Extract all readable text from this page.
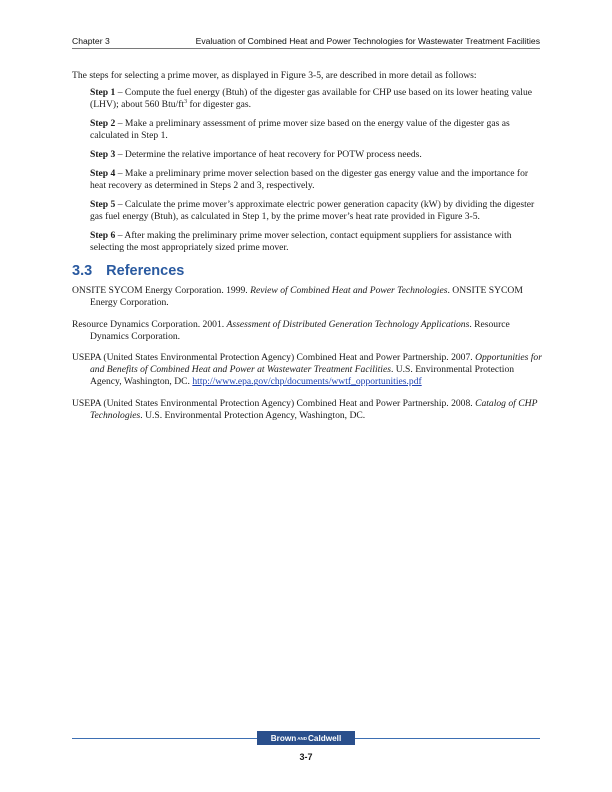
Chapter 3	Evaluation of Combined Heat and Power Technologies for Wastewater Treatment Facilities

The steps for selecting a prime mover, as displayed in Figure 3-5, are described in more detail as follows:

Step 1 – Compute the fuel energy (Btuh) of the digester gas available for CHP use based on its lower heating value (LHV); about 560 Btu/$ft^3$ for digester gas.

Step 2 – Make a preliminary assessment of prime mover size based on the energy value of the digester gas as calculated in Step 1.

Step 3 – Determine the relative importance of heat recovery for POTW process needs.

Step 4 – Make a preliminary prime mover selection based on the digester gas energy value and the importance for heat recovery as determined in Steps 2 and 3, respectively.

Step 5 – Calculate the prime mover’s approximate electric power generation capacity (kW) by dividing the digester gas fuel energy (Btuh), as calculated in Step 1, by the prime mover’s heat rate provided in Figure 3-5.

Step 6 – After making the preliminary prime mover selection, contact equipment suppliers for assistance with selecting the most appropriately sized prime mover.

3.3 References

ONSITE SYCOM Energy Corporation. 1999. Review of Combined Heat and Power Technologies. ONSITE SYCOM Energy Corporation.

Resource Dynamics Corporation. 2001. Assessment of Distributed Generation Technology Applications. Resource Dynamics Corporation.

USEPA (United States Environmental Protection Agency) Combined Heat and Power Partnership. 2007. Opportunities for and Benefits of Combined Heat and Power at Wastewater Treatment Facilities. U.S. Environmental Protection Agency, Washington, DC. http://www.epa.gov/chp/documents/wwtf_opportunities.pdf

USEPA (United States Environmental Protection Agency) Combined Heat and Power Partnership. 2008. Catalog of CHP Technologies. U.S. Environmental Protection Agency, Washington, DC.

Brown AND Caldwell
3-7
